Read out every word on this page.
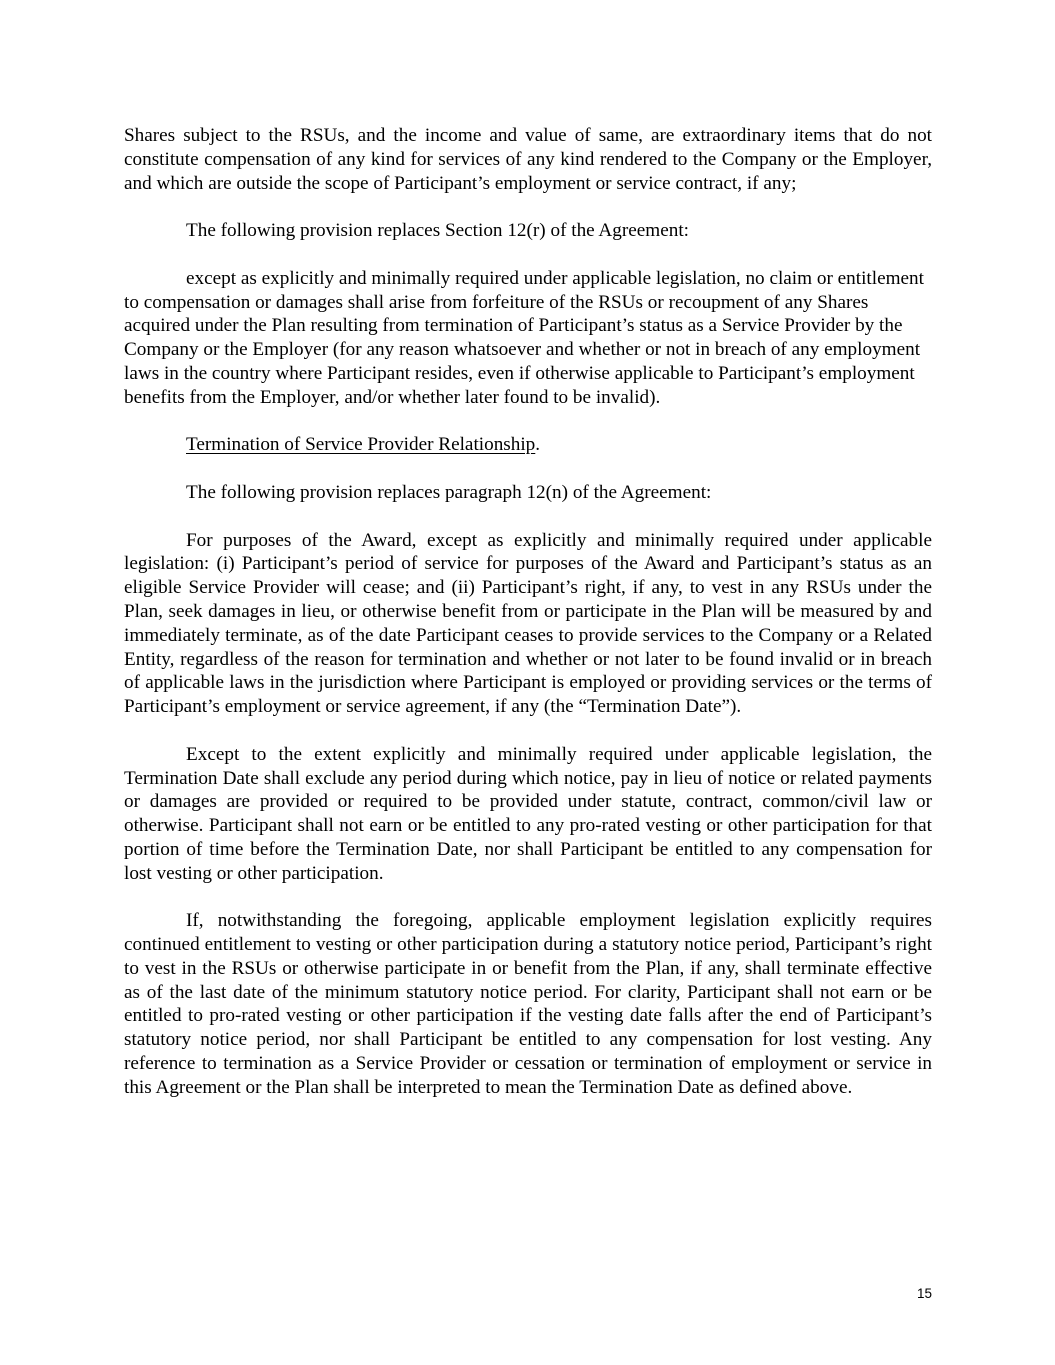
Shares subject to the RSUs, and the income and value of same, are extraordinary items that do not constitute compensation of any kind for services of any kind rendered to the Company or the Employer, and which are outside the scope of Participant’s employment or service contract, if any;

The following provision replaces Section 12(r) of the Agreement:

except as explicitly and minimally required under applicable legislation, no claim or entitlement to compensation or damages shall arise from forfeiture of the RSUs or recoupment of any Shares acquired under the Plan resulting from termination of Participant’s status as a Service Provider by the Company or the Employer (for any reason whatsoever and whether or not in breach of any employment laws in the country where Participant resides, even if otherwise applicable to Participant’s employment benefits from the Employer, and/or whether later found to be invalid).

Termination of Service Provider Relationship.

The following provision replaces paragraph 12(n) of the Agreement:

For purposes of the Award, except as explicitly and minimally required under applicable legislation: (i) Participant’s period of service for purposes of the Award and Participant’s status as an eligible Service Provider will cease; and (ii) Participant’s right, if any, to vest in any RSUs under the Plan, seek damages in lieu, or otherwise benefit from or participate in the Plan will be measured by and immediately terminate, as of the date Participant ceases to provide services to the Company or a Related Entity, regardless of the reason for termination and whether or not later to be found invalid or in breach of applicable laws in the jurisdiction where Participant is employed or providing services or the terms of Participant’s employment or service agreement, if any (the “Termination Date”).

Except to the extent explicitly and minimally required under applicable legislation, the Termination Date shall exclude any period during which notice, pay in lieu of notice or related payments or damages are provided or required to be provided under statute, contract, common/civil law or otherwise. Participant shall not earn or be entitled to any pro-rated vesting or other participation for that portion of time before the Termination Date, nor shall Participant be entitled to any compensation for lost vesting or other participation.

If, notwithstanding the foregoing, applicable employment legislation explicitly requires continued entitlement to vesting or other participation during a statutory notice period, Participant’s right to vest in the RSUs or otherwise participate in or benefit from the Plan, if any, shall terminate effective as of the last date of the minimum statutory notice period. For clarity, Participant shall not earn or be entitled to pro-rated vesting or other participation if the vesting date falls after the end of Participant’s statutory notice period, nor shall Participant be entitled to any compensation for lost vesting. Any reference to termination as a Service Provider or cessation or termination of employment or service in this Agreement or the Plan shall be interpreted to mean the Termination Date as defined above.

15
